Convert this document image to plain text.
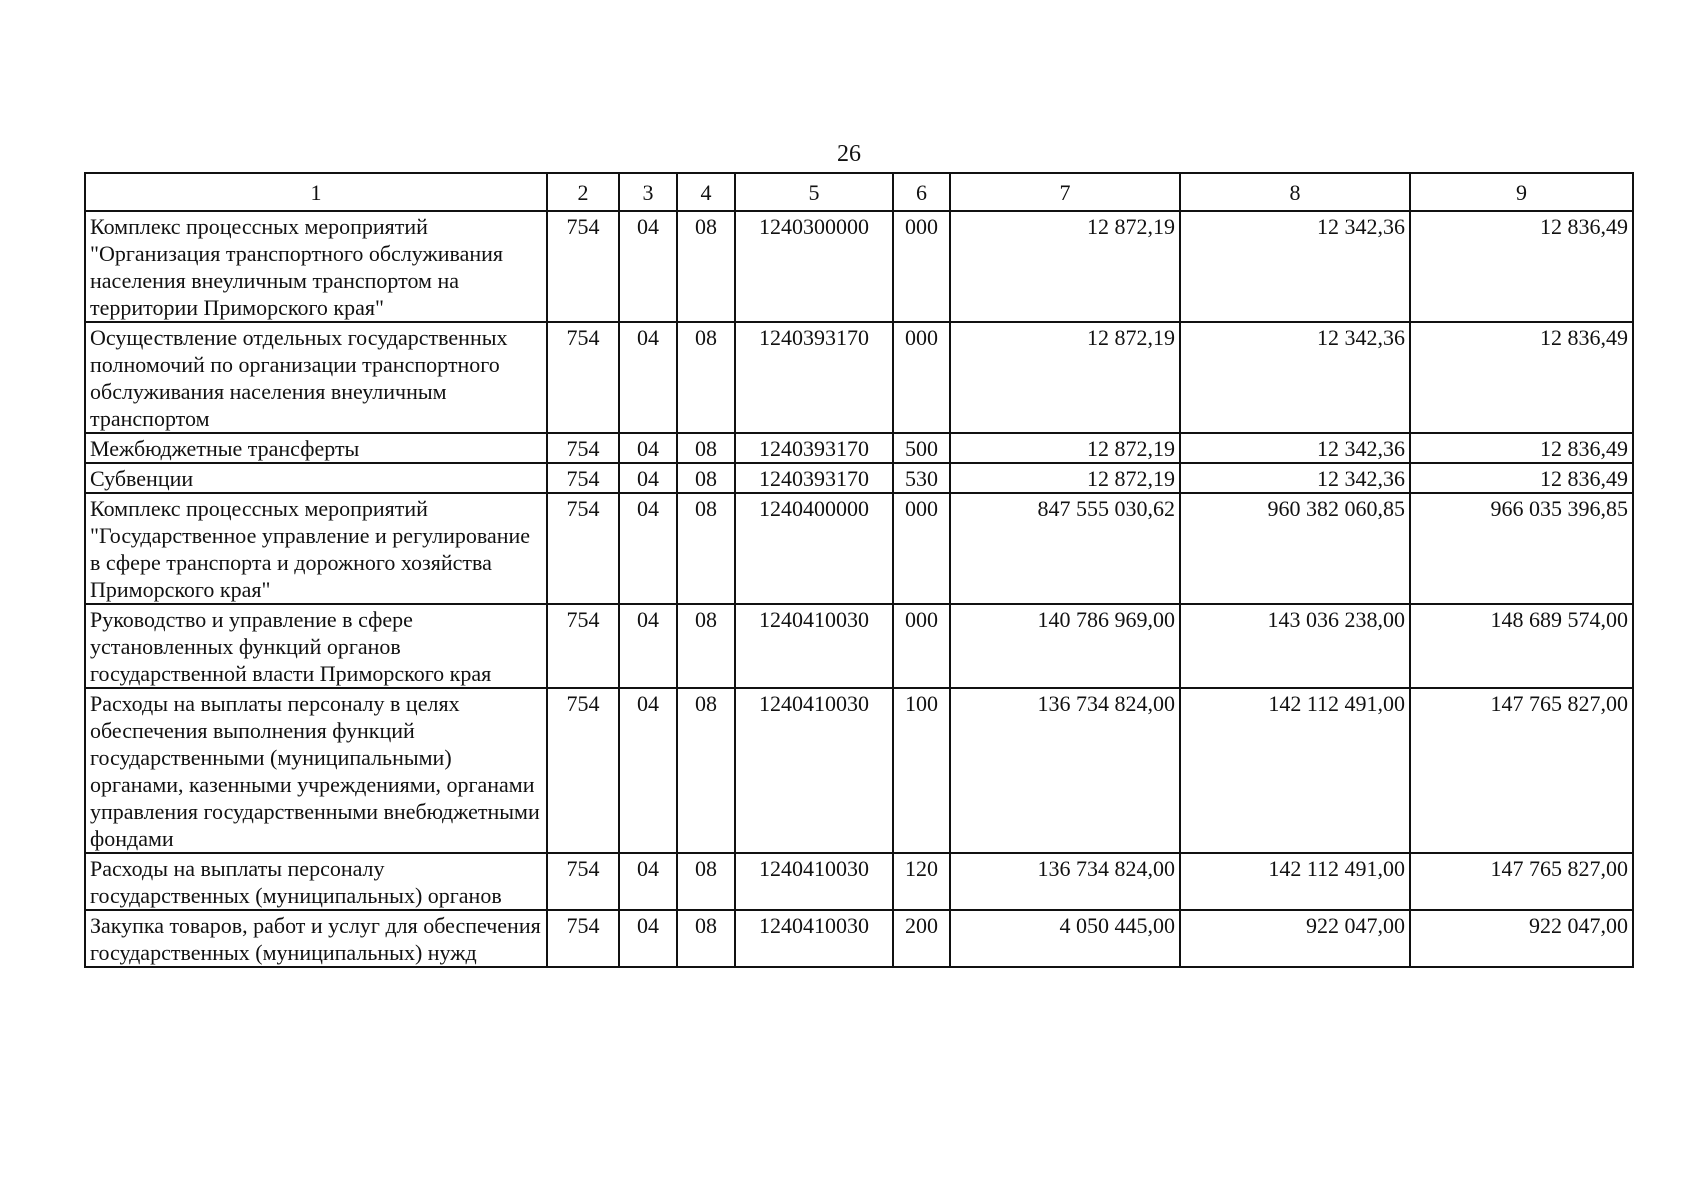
26
1	2	3	4	5	6	7	8	9
Комплекс процессных мероприятий "Организация транспортного обслуживания населения внеуличным транспортом на территории Приморского края"	754	04	08	1240300000	000	12 872,19	12 342,36	12 836,49
Осуществление отдельных государственных полномочий по организации транспортного обслуживания населения внеуличным транспортом	754	04	08	1240393170	000	12 872,19	12 342,36	12 836,49
Межбюджетные трансферты	754	04	08	1240393170	500	12 872,19	12 342,36	12 836,49
Субвенции	754	04	08	1240393170	530	12 872,19	12 342,36	12 836,49
Комплекс процессных мероприятий "Государственное управление и регулирование в сфере транспорта и дорожного хозяйства Приморского края"	754	04	08	1240400000	000	847 555 030,62	960 382 060,85	966 035 396,85
Руководство и управление в сфере установленных функций органов государственной власти Приморского края	754	04	08	1240410030	000	140 786 969,00	143 036 238,00	148 689 574,00
Расходы на выплаты персоналу в целях обеспечения выполнения функций государственными (муниципальными) органами, казенными учреждениями, органами управления государственными внебюджетными фондами	754	04	08	1240410030	100	136 734 824,00	142 112 491,00	147 765 827,00
Расходы на выплаты персоналу государственных (муниципальных) органов	754	04	08	1240410030	120	136 734 824,00	142 112 491,00	147 765 827,00
Закупка товаров, работ и услуг для обеспечения государственных (муниципальных) нужд	754	04	08	1240410030	200	4 050 445,00	922 047,00	922 047,00
